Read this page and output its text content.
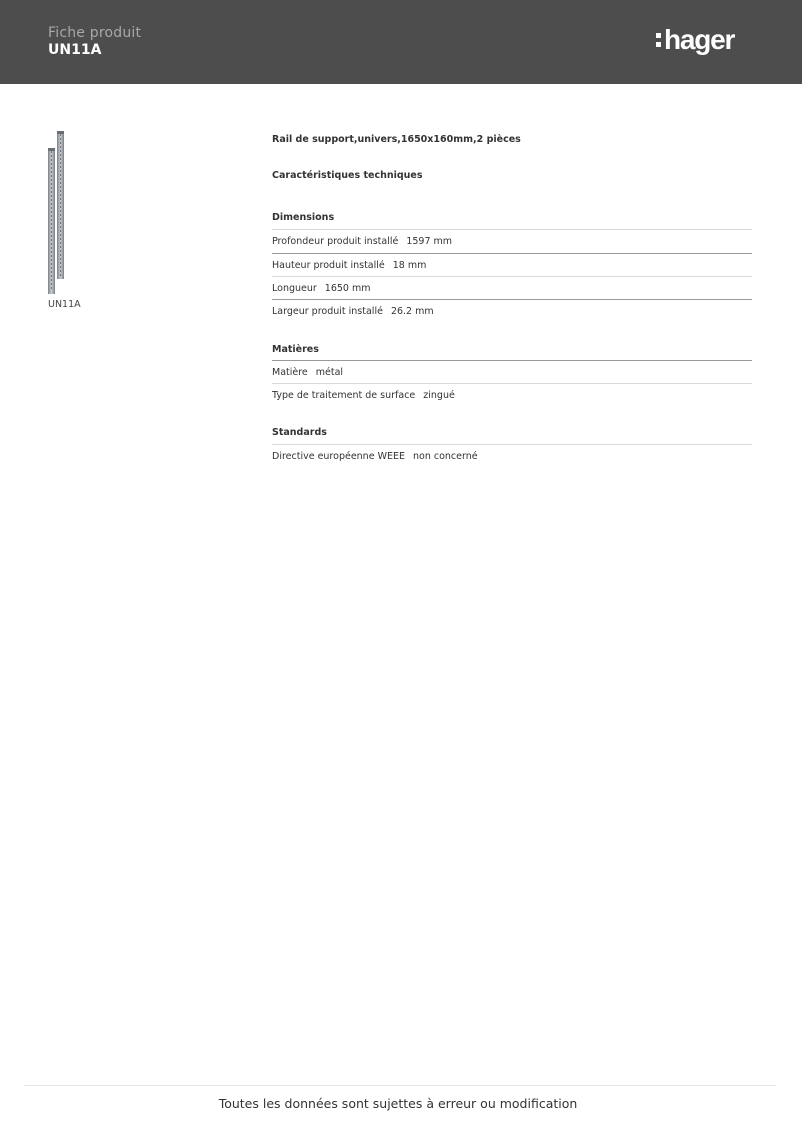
Fiche produit
UN11A	hager
UN11A
Rail de support,univers,1650x160mm,2 pièces
Caractéristiques techniques
Dimensions
Profondeur produit installé 1597 mm
Hauteur produit installé 18 mm
Longueur 1650 mm
Largeur produit installé 26.2 mm
Matières
Matière métal
Type de traitement de surface zingué
Standards
Directive européenne WEEE non concerné
Toutes les données sont sujettes à erreur ou modification
